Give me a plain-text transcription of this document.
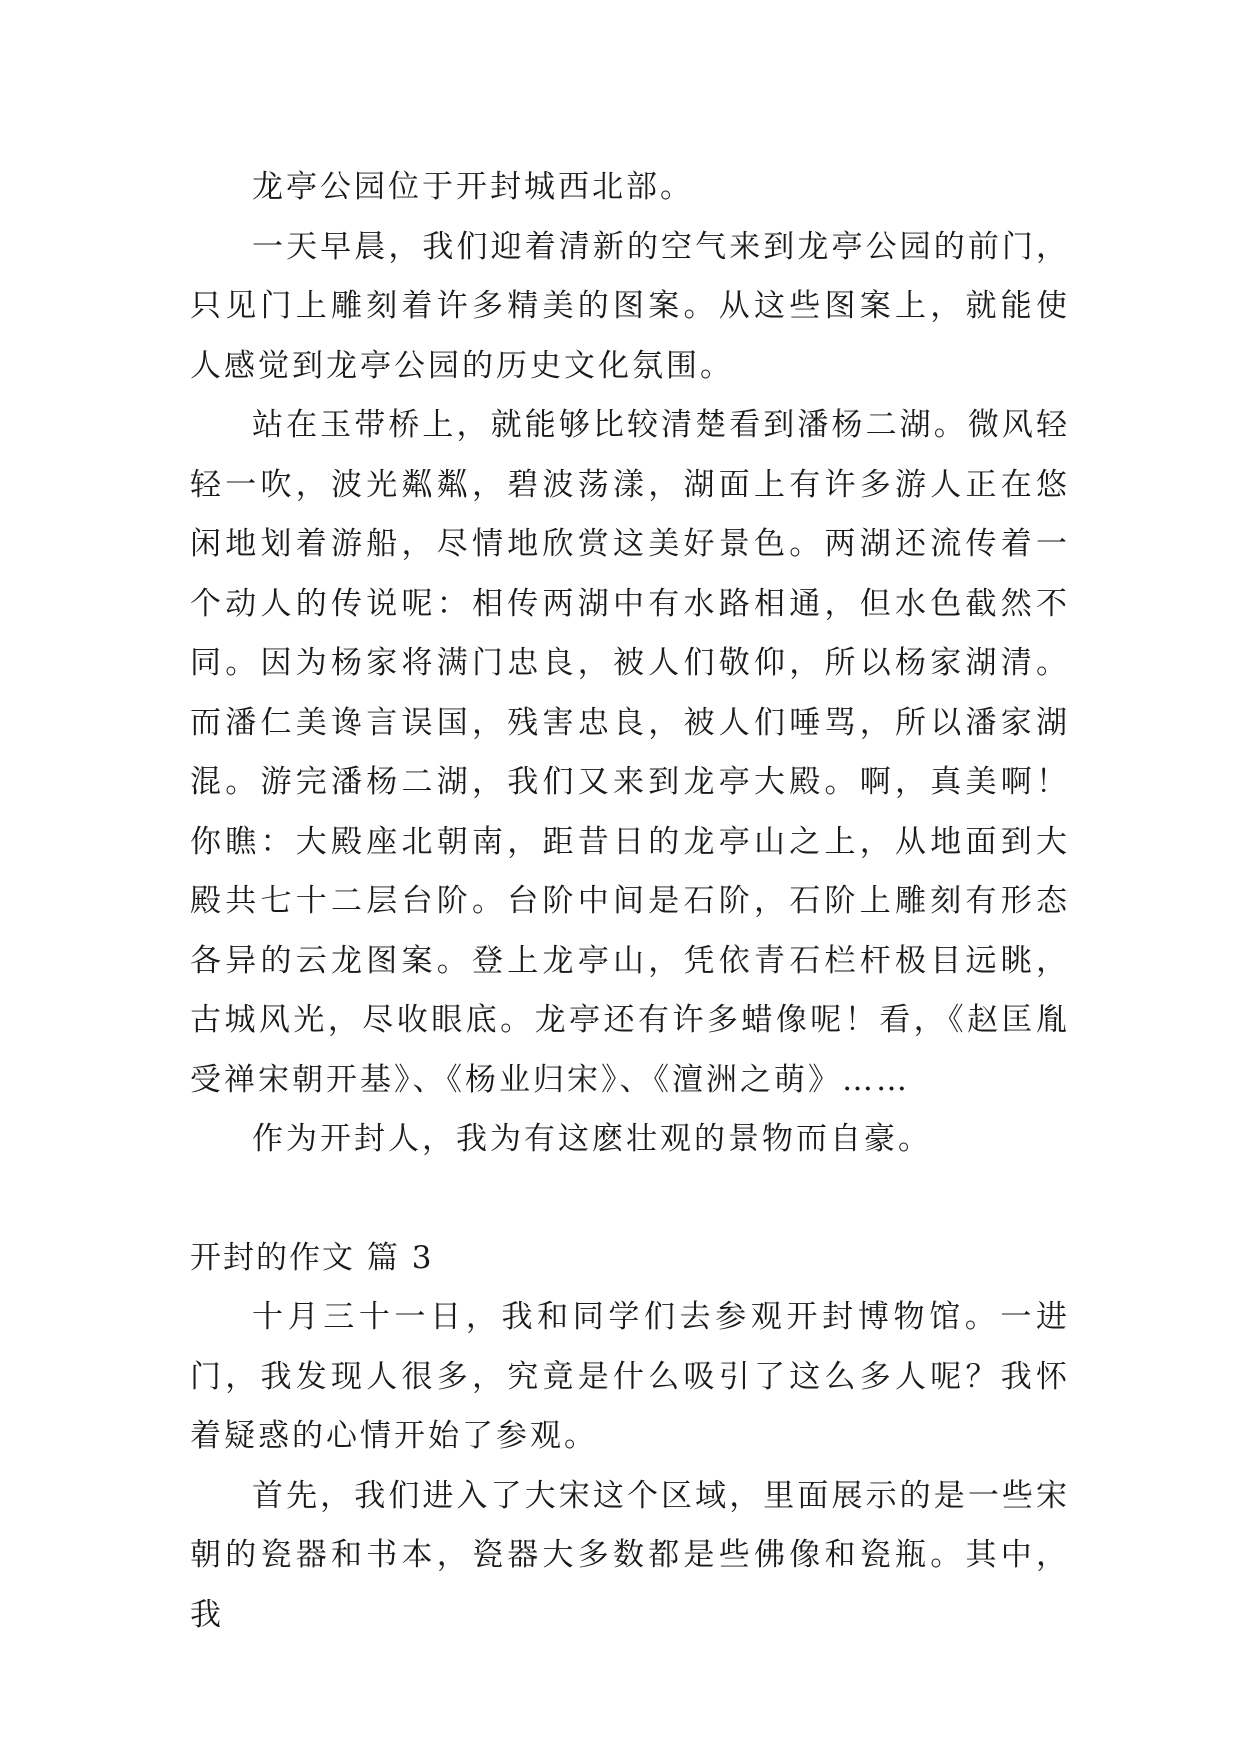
龙亭公园位于开封城西北部。

一天早晨，我们迎着清新的空气来到龙亭公园的前门，只见门上雕刻着许多精美的图案。从这些图案上，就能使人感觉到龙亭公园的历史文化氛围。

站在玉带桥上，就能够比较清楚看到潘杨二湖。微风轻轻一吹，波光粼粼，碧波荡漾，湖面上有许多游人正在悠闲地划着游船，尽情地欣赏这美好景色。两湖还流传着一个动人的传说呢：相传两湖中有水路相通，但水色截然不同。因为杨家将满门忠良，被人们敬仰，所以杨家湖清。而潘仁美谗言误国，残害忠良，被人们唾骂，所以潘家湖混。游完潘杨二湖，我们又来到龙亭大殿。啊，真美啊！你瞧：大殿座北朝南，距昔日的龙亭山之上，从地面到大殿共七十二层台阶。台阶中间是石阶，石阶上雕刻有形态各异的云龙图案。登上龙亭山，凭依青石栏杆极目远眺，古城风光，尽收眼底。龙亭还有许多蜡像呢！看，《赵匡胤受禅宋朝开基》、《杨业归宋》、《澶洲之萌》……

作为开封人，我为有这麽壮观的景物而自豪。

开封的作文 篇 3

十月三十一日，我和同学们去参观开封博物馆。一进门，我发现人很多，究竟是什么吸引了这么多人呢？我怀着疑惑的心情开始了参观。

首先，我们进入了大宋这个区域，里面展示的是一些宋朝的瓷器和书本，瓷器大多数都是些佛像和瓷瓶。其中，我
